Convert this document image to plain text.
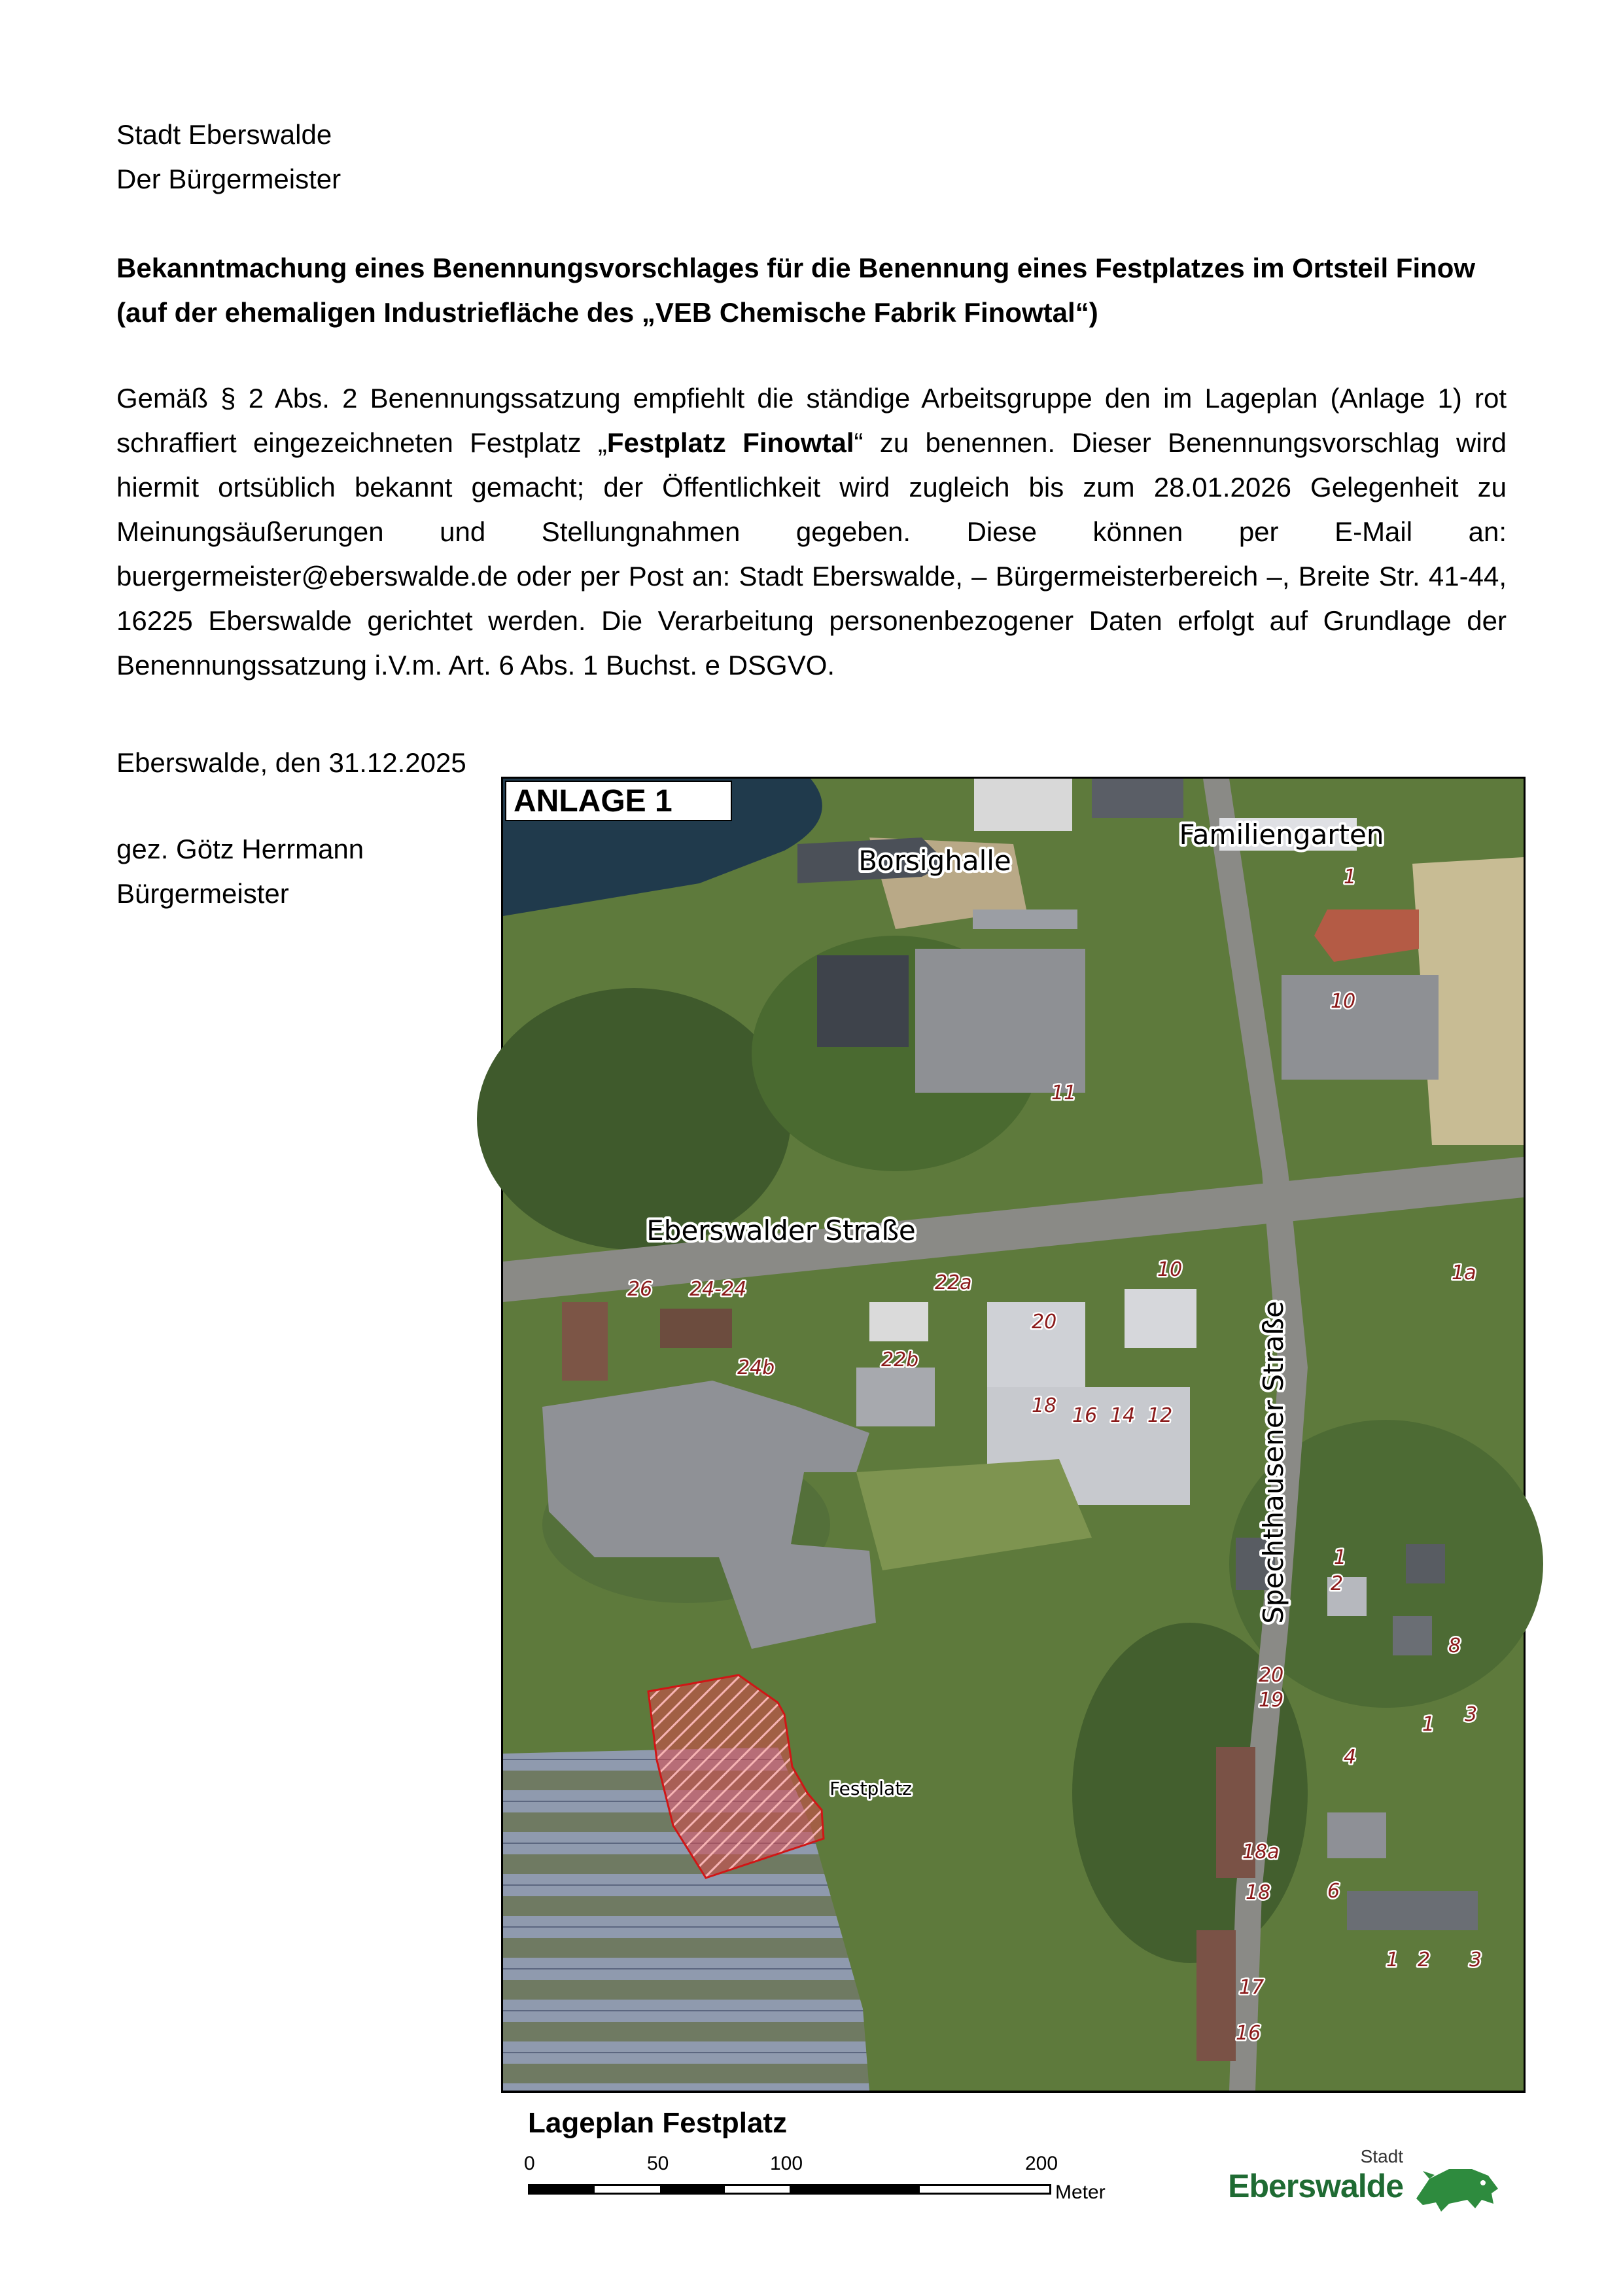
Stadt Eberswalde
Der Bürgermeister
Bekanntmachung eines Benennungsvorschlages für die Benennung eines Festplatzes im Ortsteil Finow (auf der ehemaligen Industriefläche des „VEB Chemische Fabrik Finowtal“)

Gemäß § 2 Abs. 2 Benennungssatzung empfiehlt die ständige Arbeitsgruppe den im Lageplan (Anlage 1) rot schraffiert eingezeichneten Festplatz „Festplatz Finowtal“ zu benennen. Dieser Benennungsvorschlag wird hiermit ortsüblich bekannt gemacht; der Öffentlichkeit wird zugleich bis zum 28.01.2026 Gelegenheit zu Meinungsäußerungen und Stellungnahmen gegeben. Diese können per E-Mail an: buergermeister@eberswalde.de oder per Post an: Stadt Eberswalde, – Bürgermeisterbereich –, Breite Str. 41-44, 16225 Eberswalde gerichtet werden. Die Verarbeitung personenbezogener Daten erfolgt auf Grundlage der Benennungssatzung i.V.m. Art. 6 Abs. 1 Buchst. e DSGVO.

Eberswalde, den 31.12.2025
gez. Götz Herrmann
Bürgermeister
ANLAGE 1
Borsighalle
Familiengarten
Eberswalder Straße
Spechthausener Straße
Festplatz
1
10
11
26 24-24	22a
10	1a
20
24b	22b
18 16 14 12
1
2
8
20
19
1 3
4
18a
18	6
1 2 3
17
16
Lageplan Festplatz
0	50	100	200
Meter
Stadt
Eberswalde
